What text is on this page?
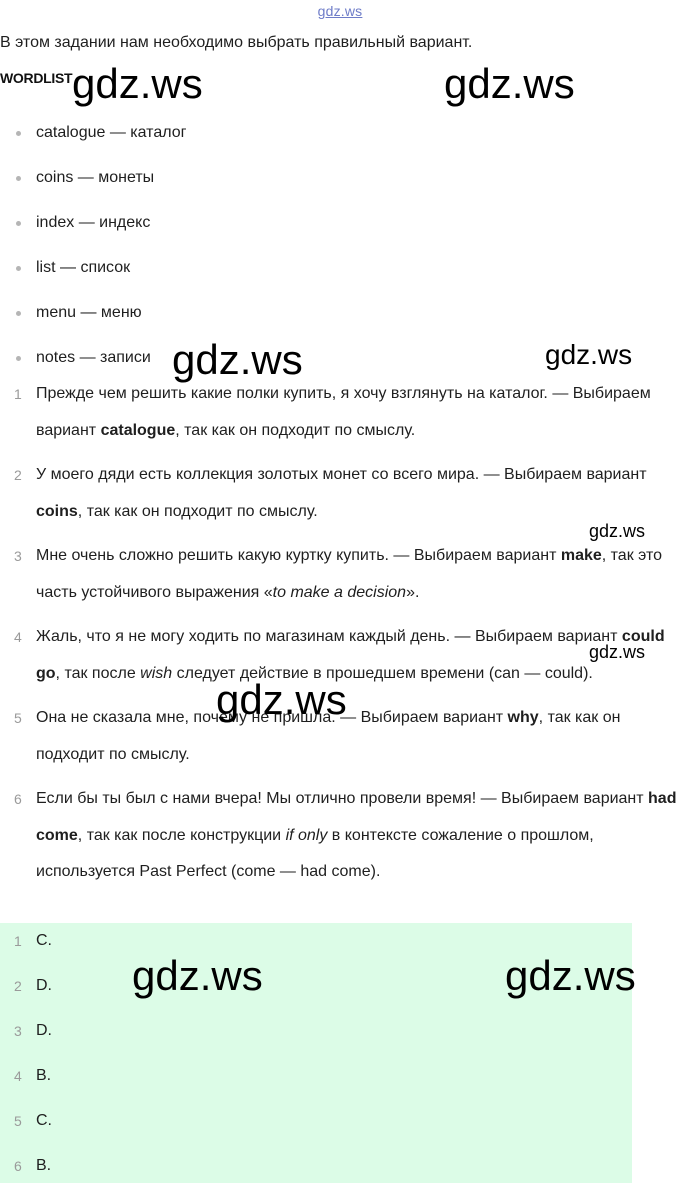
gdz.ws
В этом задании нам необходимо выбрать правильный вариант.
WORDLIST
catalogue — каталог
coins — монеты
index — индекс
list — список
menu — меню
notes — записи
1 Прежде чем решить какие полки купить, я хочу взглянуть на каталог. — Выбираем вариант catalogue, так как он подходит по смыслу.
2 У моего дяди есть коллекция золотых монет со всего мира. — Выбираем вариант coins, так как он подходит по смыслу.
3 Мне очень сложно решить какую куртку купить. — Выбираем вариант make, так это часть устойчивого выражения «to make a decision».
4 Жаль, что я не могу ходить по магазинам каждый день. — Выбираем вариант could go, так после wish следует действие в прошедшем времени (can — could).
5 Она не сказала мне, почему не пришла. — Выбираем вариант why, так как он подходит по смыслу.
6 Если бы ты был с нами вчера! Мы отлично провели время! — Выбираем вариант had come, так как после конструкции if only в контексте сожаление о прошлом, используется Past Perfect (come — had come).
1 C.
2 D.
3 D.
4 B.
5 C.
6 B.
gdz.ws	gdz.ws
gdz.ws	gdz.ws
gdz.ws
gdz.ws
gdz.ws
gdz.ws	gdz.ws
